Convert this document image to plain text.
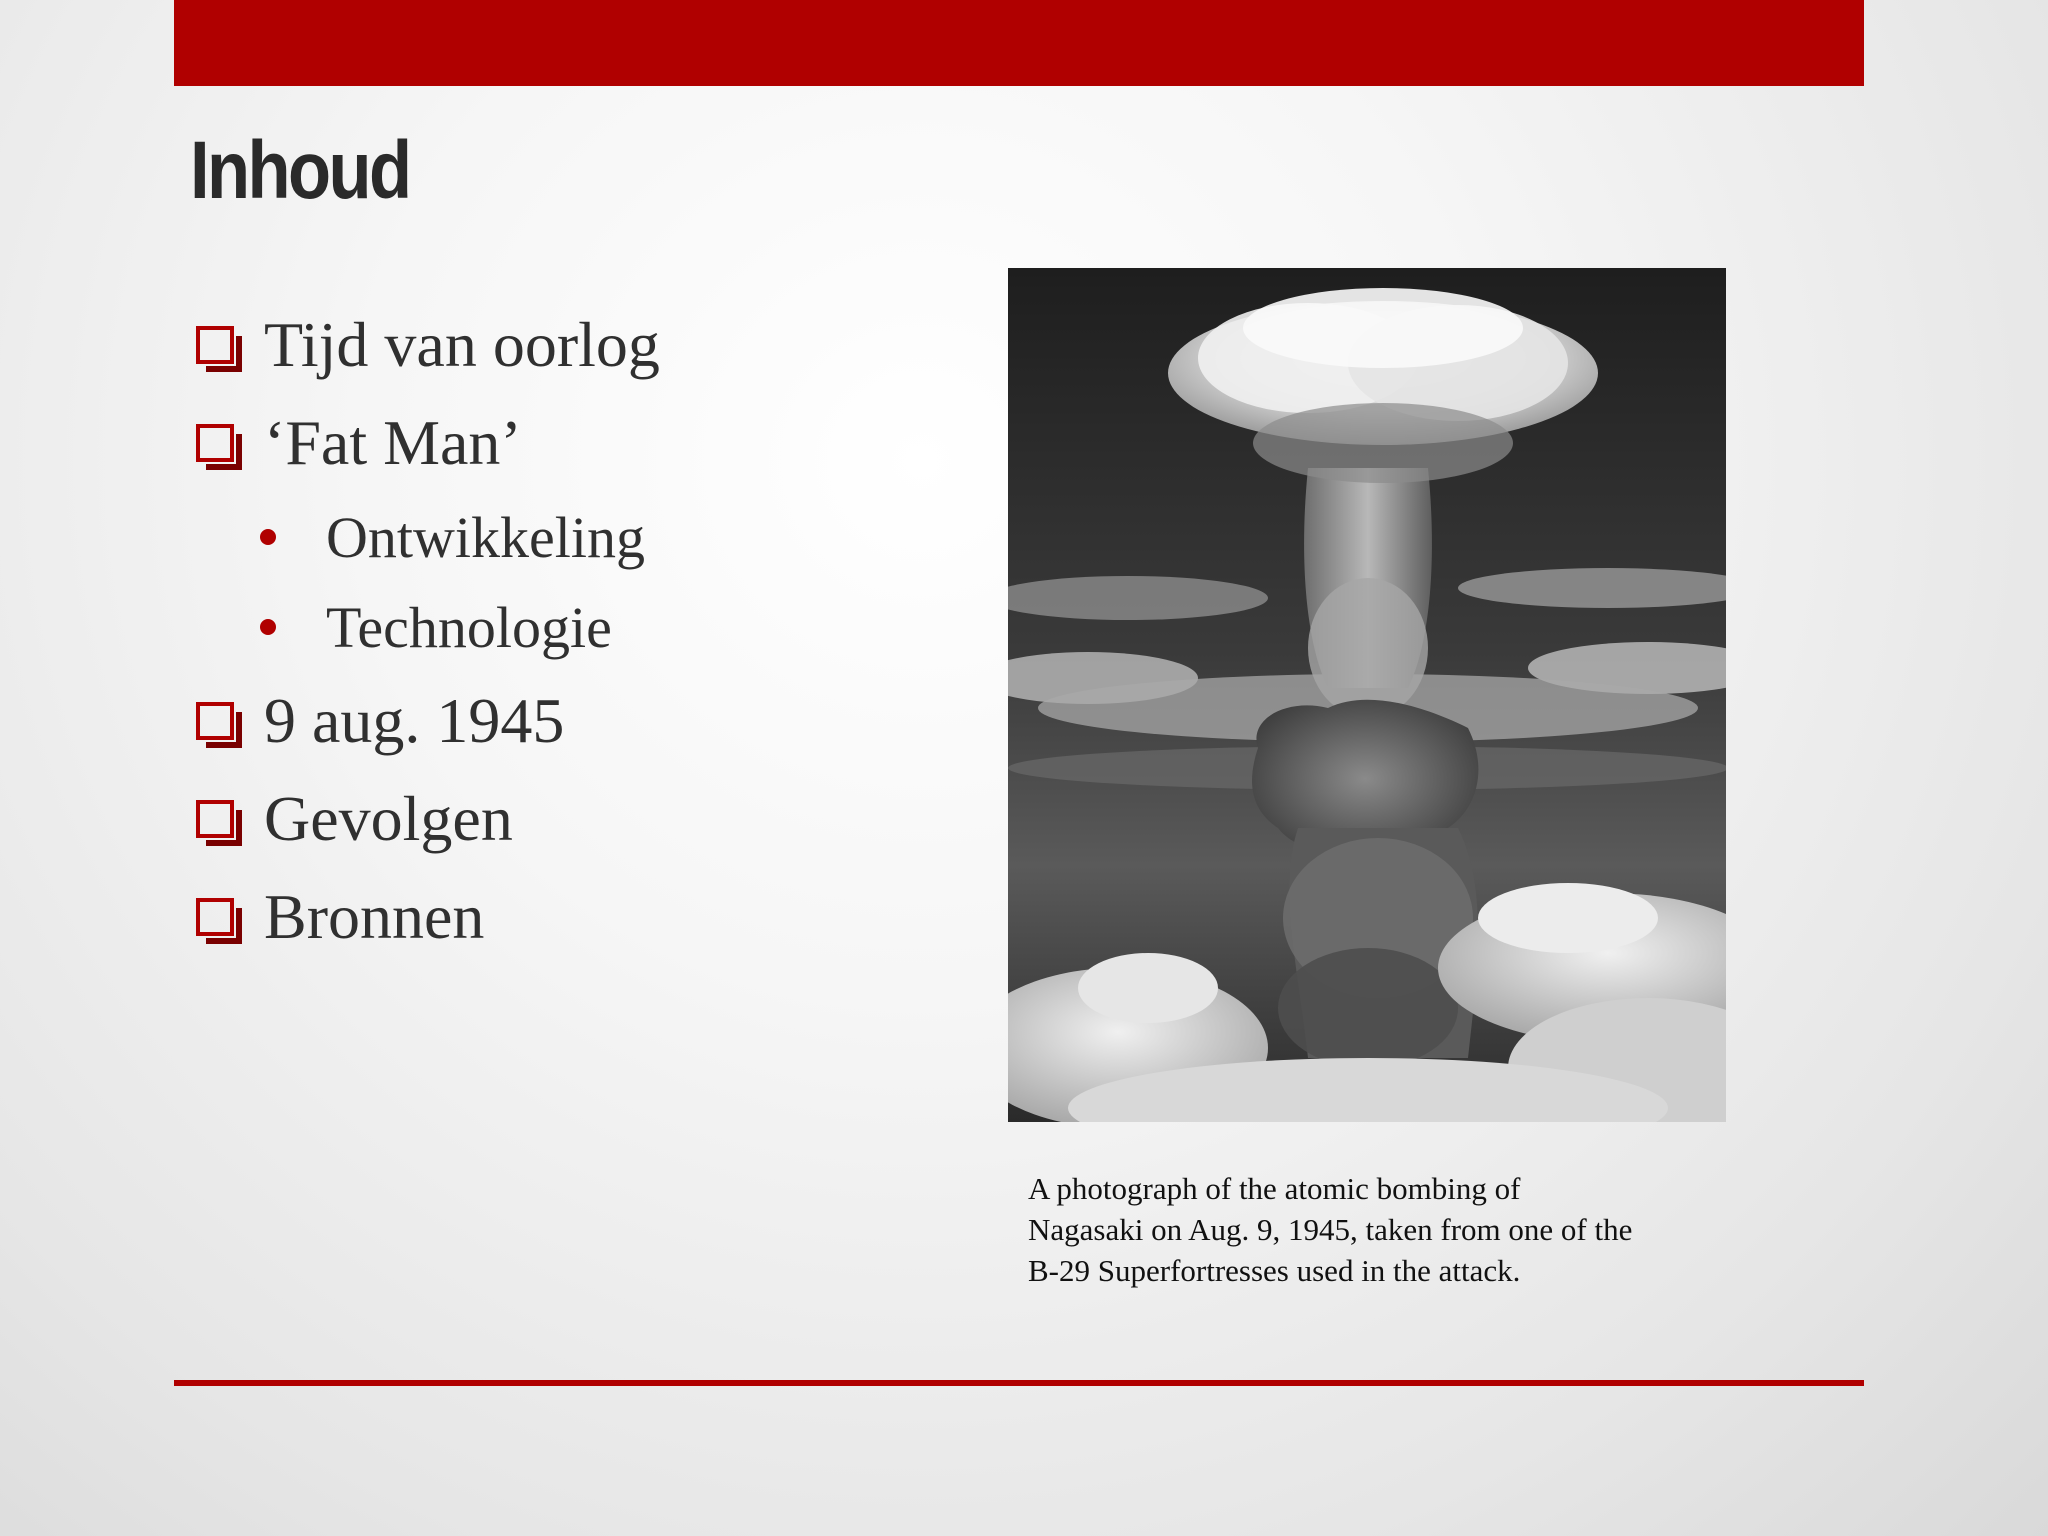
Inhoud
Tijd van oorlog
‘Fat Man’
Ontwikkeling
Technologie
9 aug. 1945
Gevolgen
Bronnen
A photograph of the atomic bombing of
Nagasaki on Aug. 9, 1945, taken from one of the
B-29 Superfortresses used in the attack.
